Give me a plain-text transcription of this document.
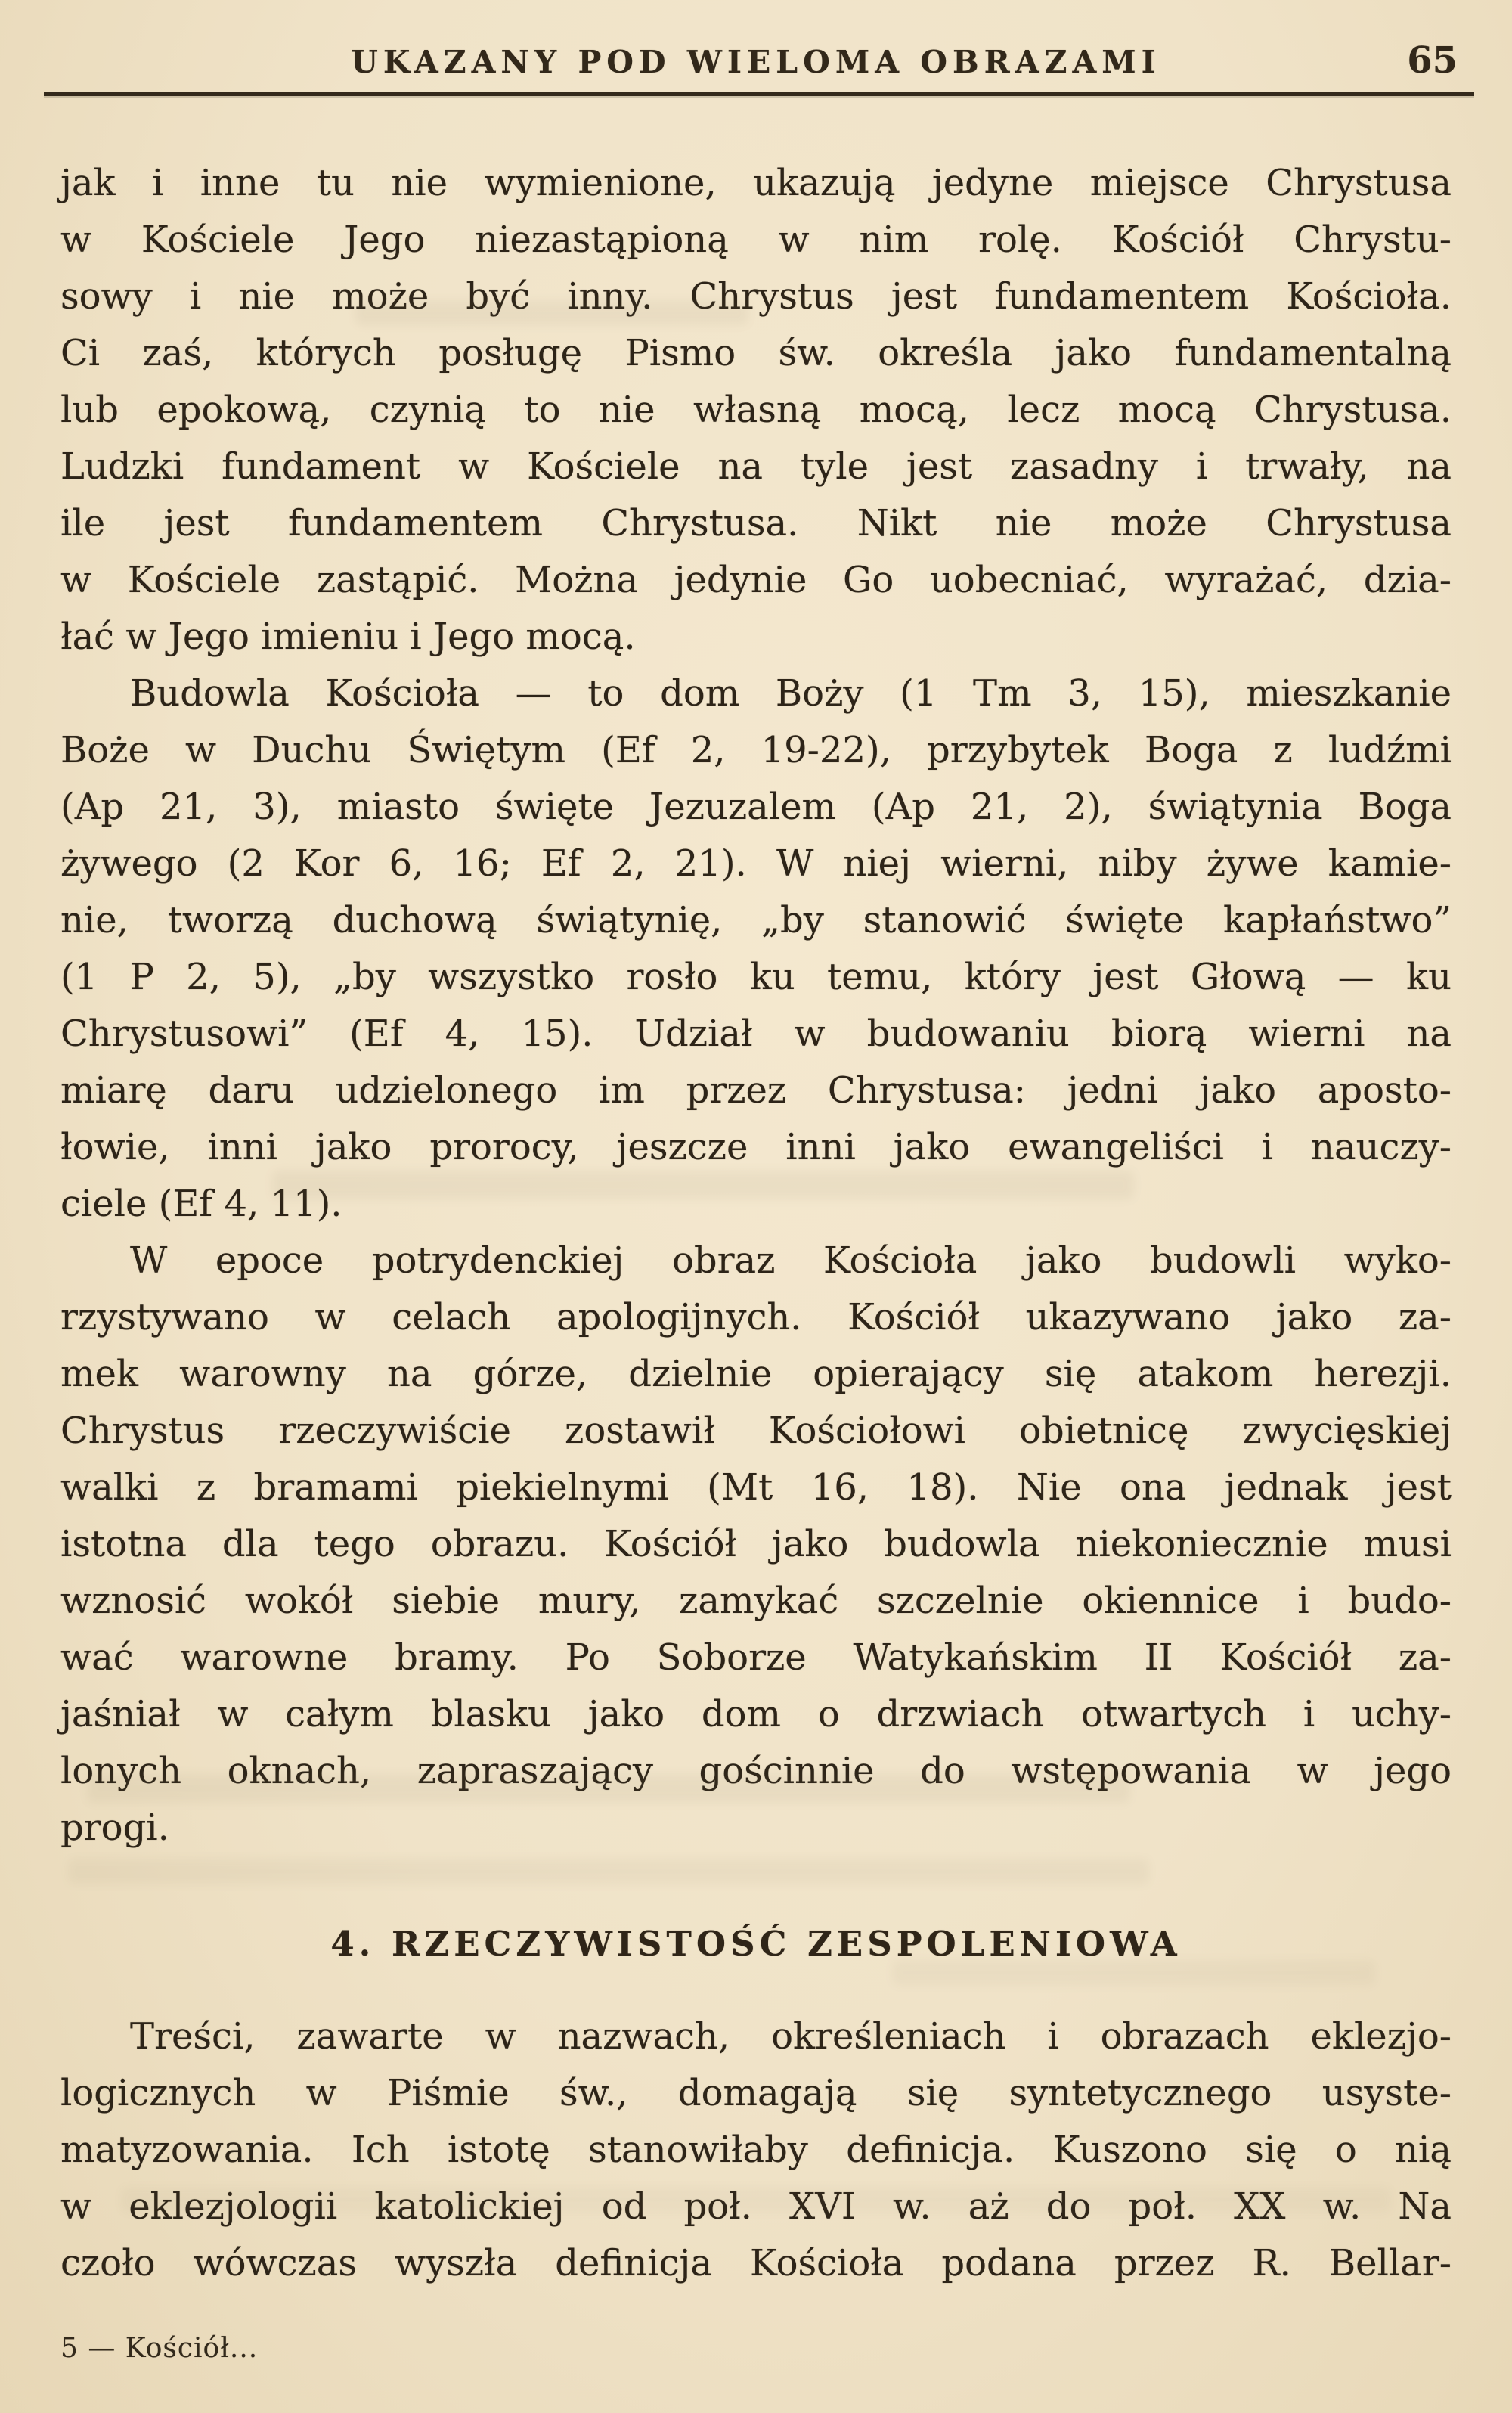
UKAZANY POD WIELOMA OBRAZAMI	65
jak i inne tu nie wymienione, ukazują jedyne miejsce Chrystusa
w Kościele Jego niezastąpioną w nim rolę. Kościół Chrystu-
sowy i nie może być inny. Chrystus jest fundamentem Kościoła.
Ci zaś, których posługę Pismo św. określa jako fundamentalną
lub epokową, czynią to nie własną mocą, lecz mocą Chrystusa.
Ludzki fundament w Kościele na tyle jest zasadny i trwały, na
ile jest fundamentem Chrystusa. Nikt nie może Chrystusa
w Kościele zastąpić. Można jedynie Go uobecniać, wyrażać, dzia-
łać w Jego imieniu i Jego mocą.
Budowla Kościoła — to dom Boży (1 Tm 3, 15), mieszkanie
Boże w Duchu Świętym (Ef 2, 19-22), przybytek Boga z ludźmi
(Ap 21, 3), miasto święte Jezuzalem (Ap 21, 2), świątynia Boga
żywego (2 Kor 6, 16; Ef 2, 21). W niej wierni, niby żywe kamie-
nie, tworzą duchową świątynię, „by stanowić święte kapłaństwo”
(1 P 2, 5), „by wszystko rosło ku temu, który jest Głową — ku
Chrystusowi” (Ef 4, 15). Udział w budowaniu biorą wierni na
miarę daru udzielonego im przez Chrystusa: jedni jako aposto-
łowie, inni jako prorocy, jeszcze inni jako ewangeliści i nauczy-
ciele (Ef 4, 11).
W epoce potrydenckiej obraz Kościoła jako budowli wyko-
rzystywano w celach apologijnych. Kościół ukazywano jako za-
mek warowny na górze, dzielnie opierający się atakom herezji.
Chrystus rzeczywiście zostawił Kościołowi obietnicę zwycięskiej
walki z bramami piekielnymi (Mt 16, 18). Nie ona jednak jest
istotna dla tego obrazu. Kościół jako budowla niekoniecznie musi
wznosić wokół siebie mury, zamykać szczelnie okiennice i budo-
wać warowne bramy. Po Soborze Watykańskim II Kościół za-
jaśniał w całym blasku jako dom o drzwiach otwartych i uchy-
lonych oknach, zapraszający gościnnie do wstępowania w jego
progi.
4. RZECZYWISTOŚĆ ZESPOLENIOWA
Treści, zawarte w nazwach, określeniach i obrazach eklezjo-
logicznych w Piśmie św., domagają się syntetycznego usyste-
matyzowania. Ich istotę stanowiłaby definicja. Kuszono się o nią
w eklezjologii katolickiej od poł. XVI w. aż do poł. XX w. Na
czoło wówczas wyszła definicja Kościoła podana przez R. Bellar-
5 — Kościół...
